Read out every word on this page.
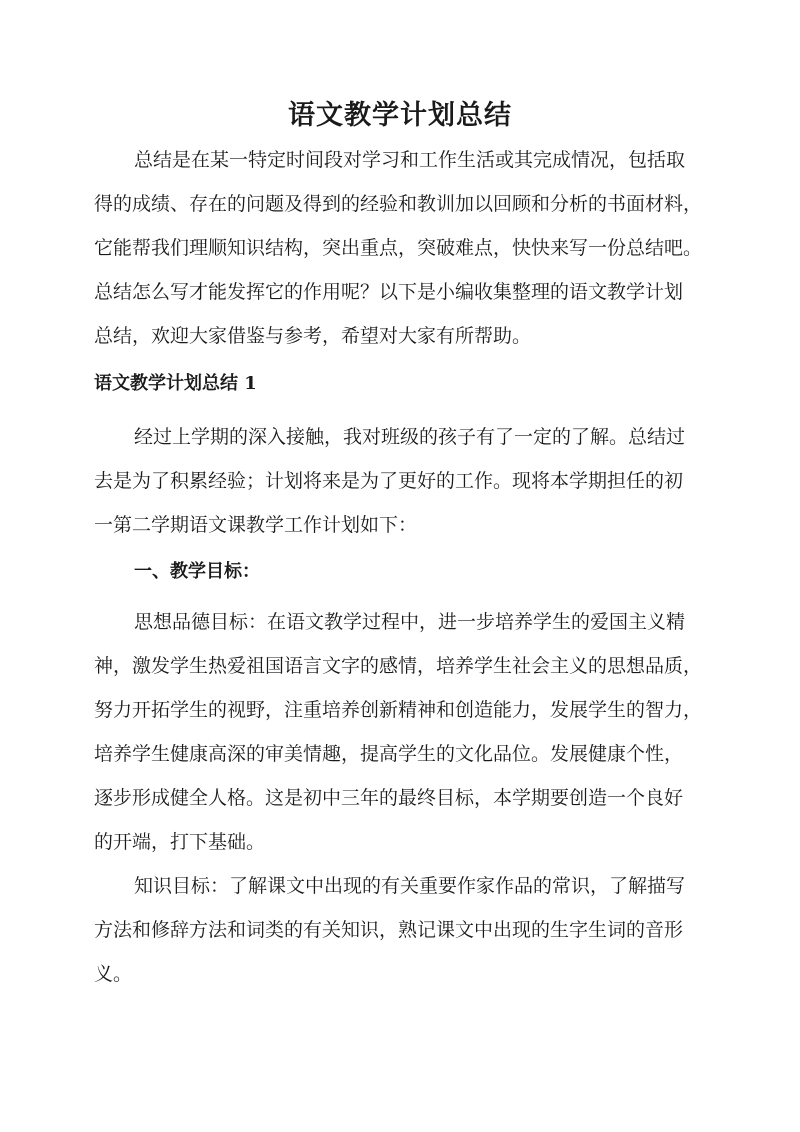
语文教学计划总结
总结是在某一特定时间段对学习和工作生活或其完成情况，包括取
得的成绩、存在的问题及得到的经验和教训加以回顾和分析的书面材料，
它能帮我们理顺知识结构，突出重点，突破难点，快快来写一份总结吧。
总结怎么写才能发挥它的作用呢？以下是小编收集整理的语文教学计划
总结，欢迎大家借鉴与参考，希望对大家有所帮助。
语文教学计划总结 1
经过上学期的深入接触，我对班级的孩子有了一定的了解。总结过
去是为了积累经验；计划将来是为了更好的工作。现将本学期担任的初
一第二学期语文课教学工作计划如下：
一、教学目标：
思想品德目标：在语文教学过程中，进一步培养学生的爱国主义精
神，激发学生热爱祖国语言文字的感情，培养学生社会主义的思想品质，
努力开拓学生的视野，注重培养创新精神和创造能力，发展学生的智力，
培养学生健康高深的审美情趣，提高学生的文化品位。发展健康个性，
逐步形成健全人格。这是初中三年的最终目标，本学期要创造一个良好
的开端，打下基础。
知识目标：了解课文中出现的有关重要作家作品的常识，了解描写
方法和修辞方法和词类的有关知识，熟记课文中出现的生字生词的音形
义。
